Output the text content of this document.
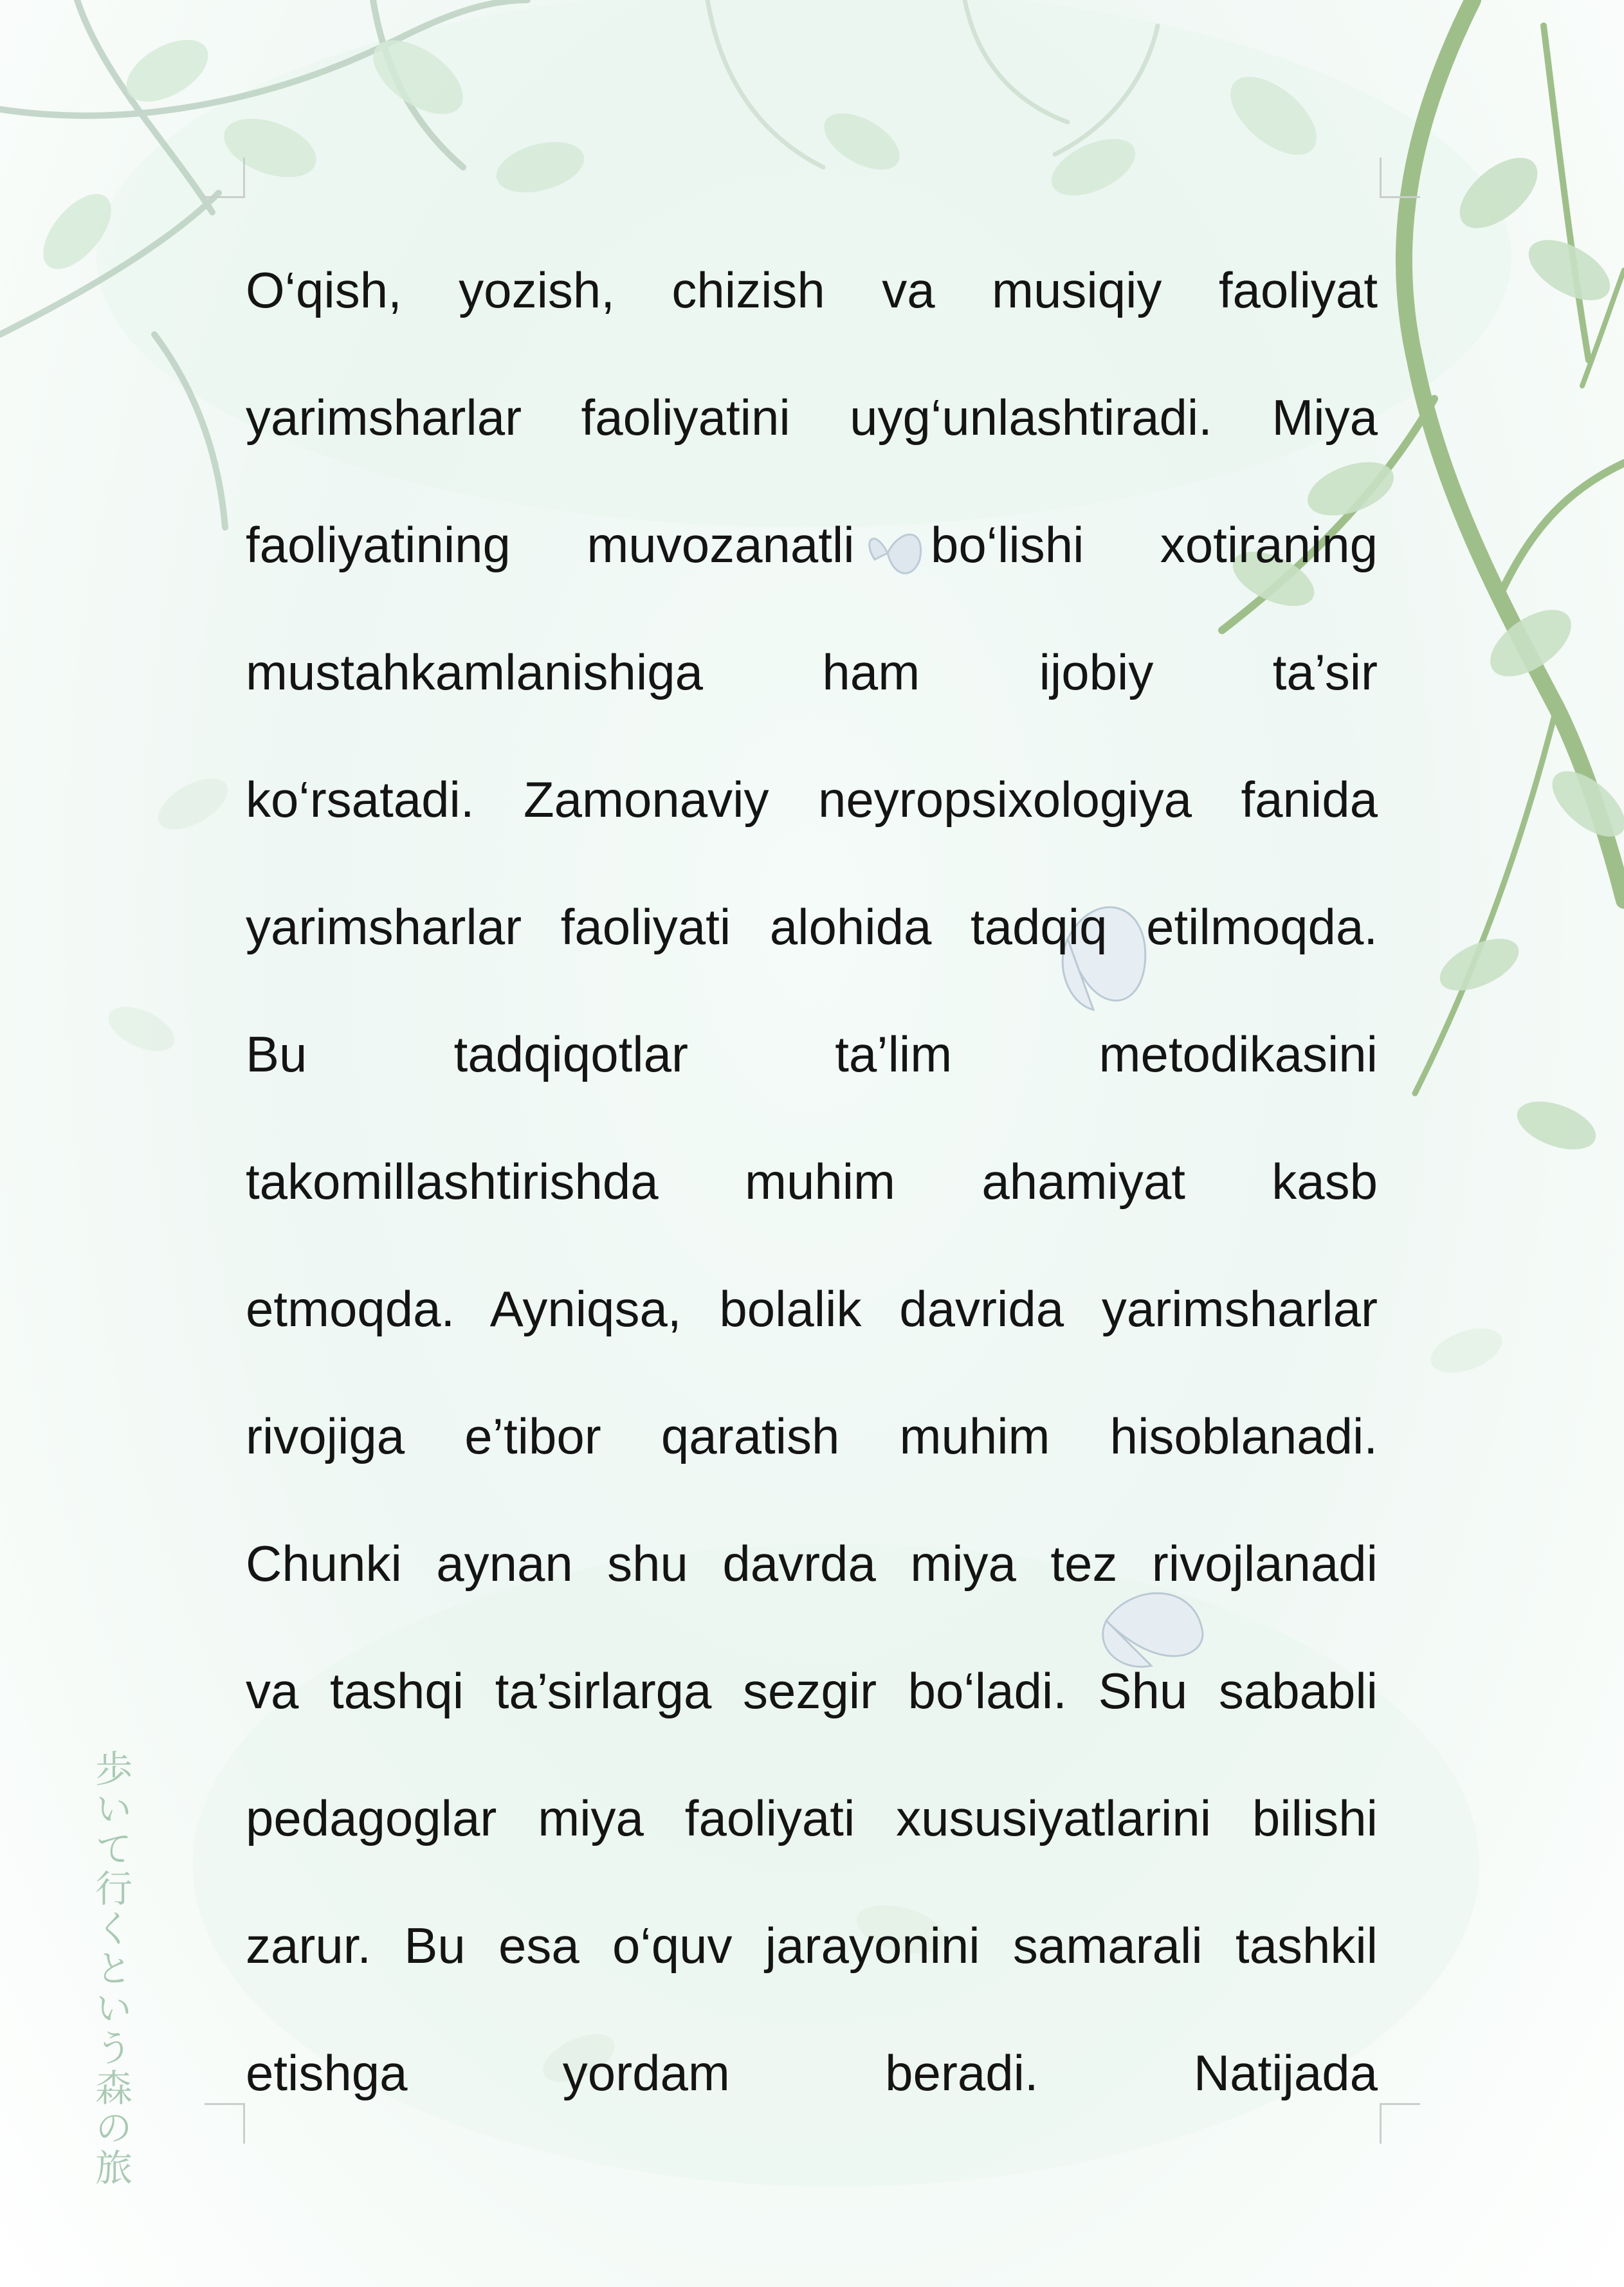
O‘qish, yozish, chizish va musiqiy faoliyat
yarimsharlar faoliyatini uyg‘unlashtiradi. Miya
faoliyatining muvozanatli bo‘lishi xotiraning
mustahkamlanishiga ham ijobiy ta’sir
ko‘rsatadi. Zamonaviy neyropsixologiya fanida
yarimsharlar faoliyati alohida tadqiq etilmoqda.
Bu tadqiqotlar ta’lim metodikasini
takomillashtirishda muhim ahamiyat kasb
etmoqda. Ayniqsa, bolalik davrida yarimsharlar
rivojiga e’tibor qaratish muhim hisoblanadi.
Chunki aynan shu davrda miya tez rivojlanadi
va tashqi ta’sirlarga sezgir bo‘ladi. Shu sababli
pedagoglar miya faoliyati xususiyatlarini bilishi
zarur. Bu esa o‘quv jarayonini samarali tashkil
etishga yordam beradi. Natijada
歩いて行くという森の旅
